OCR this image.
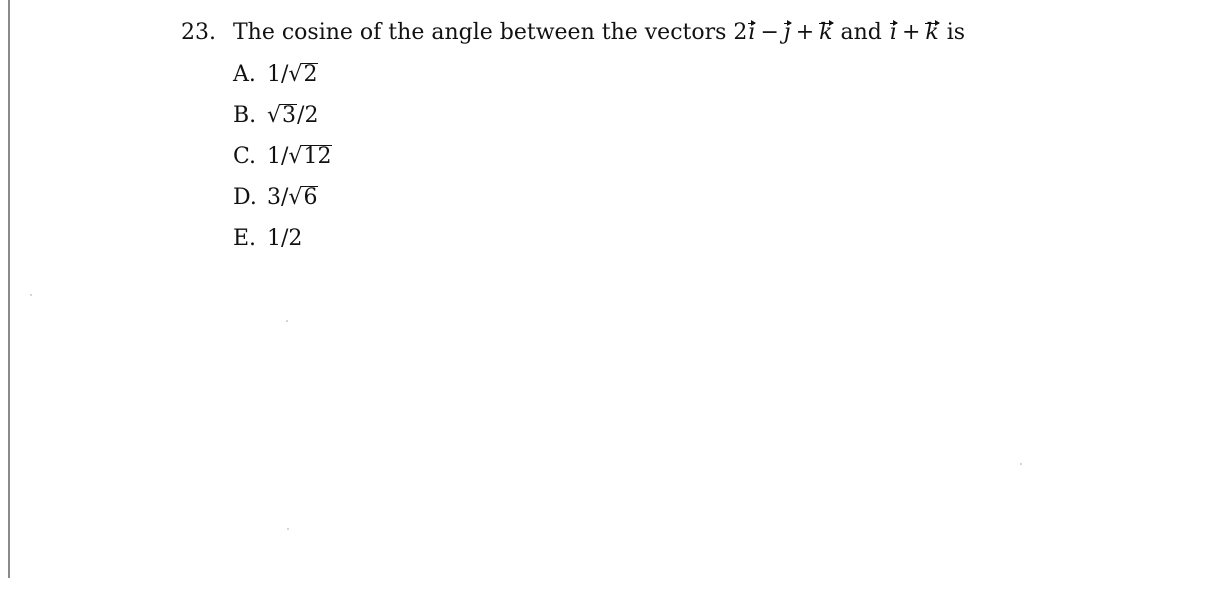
23. The cosine of the angle between the vectors 2i − j + k and i + k is
A. 1/√2
B. √3/2
C. 1/√12
D. 3/√6
E. 1/2
